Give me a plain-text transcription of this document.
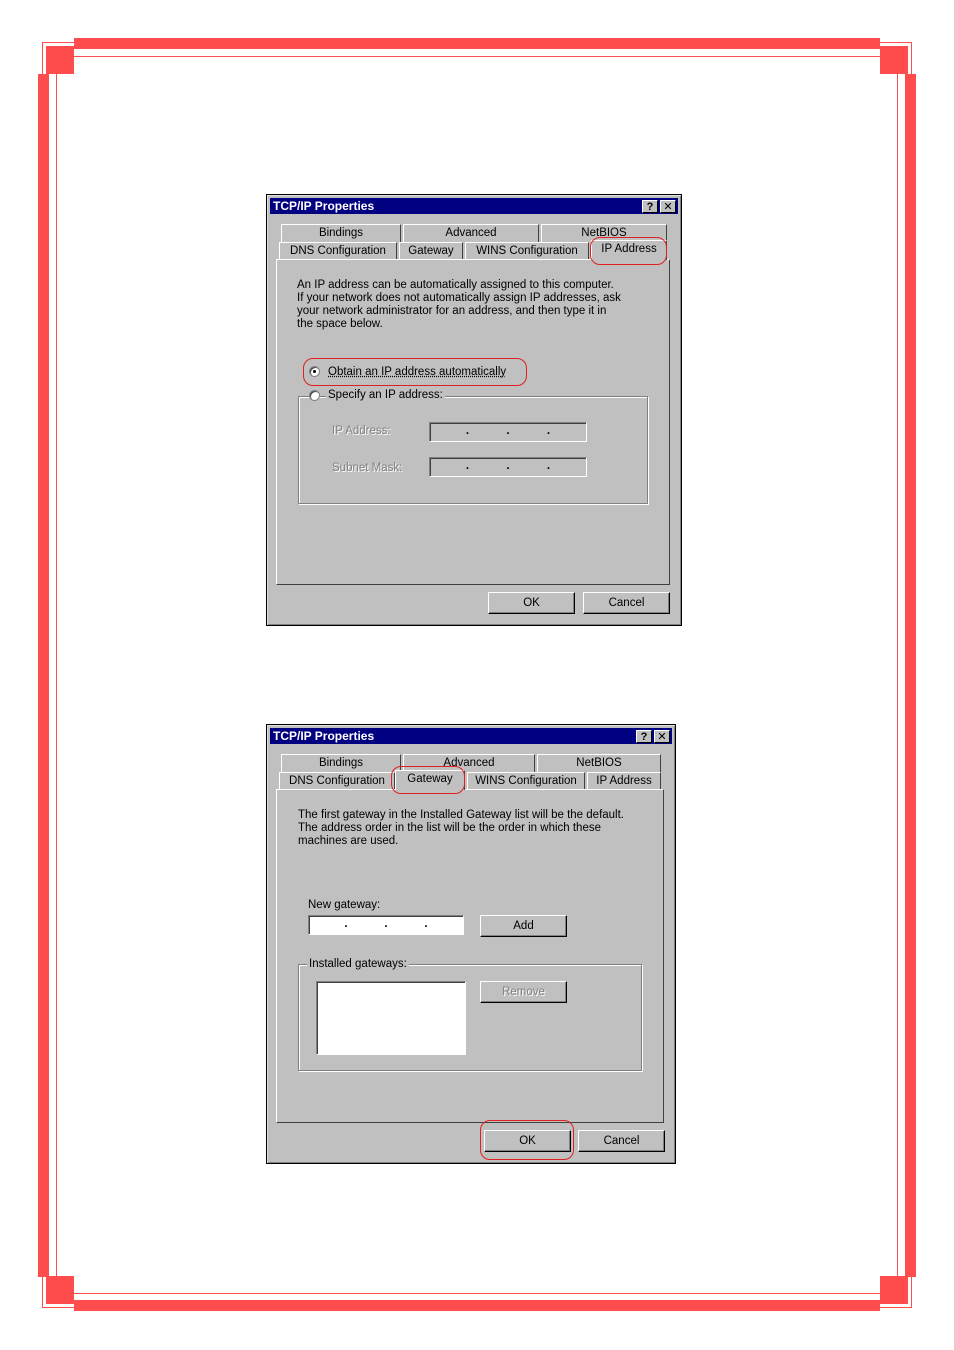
TCP/IP Properties	? ✕
Bindings	Advanced	NetBIOS
DNS Configuration	Gateway	WINS Configuration	IP Address
An IP address can be automatically assigned to this computer.
If your network does not automatically assign IP addresses, ask
your network administrator for an address, and then type it in
the space below.
Obtain an IP address automatically
Specify an IP address:
IP Address:	.	.	.
Subnet Mask:	.	.	.
OK	Cancel
TCP/IP Properties	? ✕
Bindings	Advanced	NetBIOS
DNS Configuration	Gateway	WINS Configuration	IP Address
The first gateway in the Installed Gateway list will be the default.
The address order in the list will be the order in which these
machines are used.
New gateway:
.	.	.	Add
Installed gateways:
Remove
OK	Cancel
